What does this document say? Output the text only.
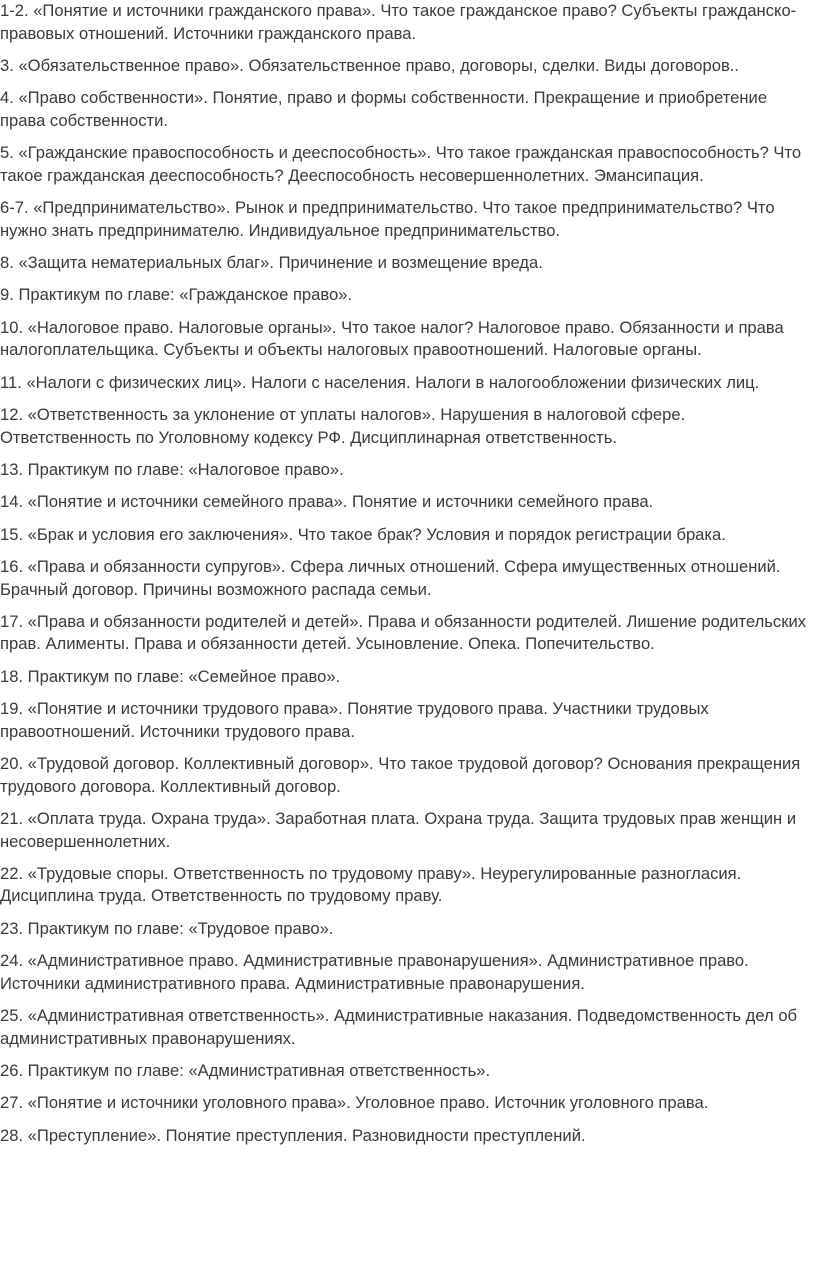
1-2. «Понятие и источники гражданского права». Что такое гражданское право? Субъекты гражданско-правовых отношений. Источники гражданского права.

3. «Обязательственное право». Обязательственное право, договоры, сделки. Виды договоров..

4. «Право собственности». Понятие, право и формы собственности. Прекращение и приобретение права собственности.

5. «Гражданские правоспособность и дееспособность». Что такое гражданская правоспособность? Что такое гражданская дееспособность? Дееспособность несовершеннолетних. Эмансипация.

6-7. «Предпринимательство». Рынок и предпринимательство. Что такое предпринимательство? Что нужно знать предпринимателю. Индивидуальное предпринимательство.

8. «Защита нематериальных благ». Причинение и возмещение вреда.

9. Практикум по главе: «Гражданское право».

10. «Налоговое право. Налоговые органы». Что такое налог? Налоговое право. Обязанности и права налогоплательщика. Субъекты и объекты налоговых правоотношений. Налоговые органы.

11. «Налоги с физических лиц». Налоги с населения. Налоги в налогообложении физических лиц.

12. «Ответственность за уклонение от уплаты налогов». Нарушения в налоговой сфере. Ответственность по Уголовному кодексу РФ. Дисциплинарная ответственность.

13. Практикум по главе: «Налоговое право».

14. «Понятие и источники семейного права». Понятие и источники семейного права.

15. «Брак и условия его заключения». Что такое брак? Условия и порядок регистрации брака.

16. «Права и обязанности супругов». Сфера личных отношений. Сфера имущественных отношений. Брачный договор. Причины возможного распада семьи.

17. «Права и обязанности родителей и детей». Права и обязанности родителей. Лишение родительских прав. Алименты. Права и обязанности детей. Усыновление. Опека. Попечительство.

18. Практикум по главе: «Семейное право».

19. «Понятие и источники трудового права». Понятие трудового права. Участники трудовых правоотношений. Источники трудового права.

20. «Трудовой договор. Коллективный договор». Что такое трудовой договор? Основания прекращения трудового договора. Коллективный договор.

21. «Оплата труда. Охрана труда». Заработная плата. Охрана труда. Защита трудовых прав женщин и несовершеннолетних.

22. «Трудовые споры. Ответственность по трудовому праву». Неурегулированные разногласия. Дисциплина труда. Ответственность по трудовому праву.

23. Практикум по главе: «Трудовое право».

24. «Административное право. Административные правонарушения». Административное право. Источники административного права. Административные правонарушения.

25. «Административная ответственность». Административные наказания. Подведомственность дел об административных правонарушениях.

26. Практикум по главе: «Административная ответственность».

27. «Понятие и источники уголовного права». Уголовное право. Источник уголовного права.

28. «Преступление». Понятие преступления. Разновидности преступлений.
